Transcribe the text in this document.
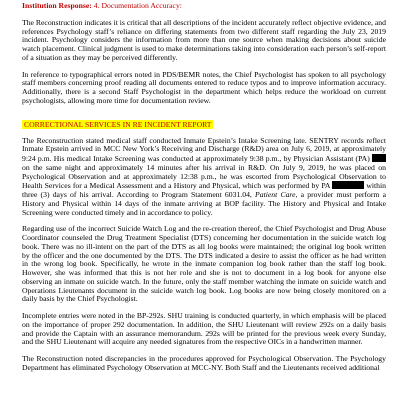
Institution Response: 4. Documentation Accuracy:

The Reconstruction indicates it is critical that all descriptions of the incident accurately reflect objective evidence, and references Psychology staff’s reliance on differing statements from two different staff regarding the July 23, 2019 incident. Psychology considers the information from more than one source when making decisions about suicide watch placement. Clinical judgment is used to make determinations taking into consideration each person’s self-report of a situation as they may be perceived differently.

In reference to typographical errors noted in PDS/BEMR notes, the Chief Psychologist has spoken to all psychology staff members concerning proof reading all documents entered to reduce typos and to improve information accuracy. Additionally, there is a second Staff Psychologist in the department which helps reduce the workload on current psychologists, allowing more time for documentation review.

CORRECTIONAL SERVICES IN RE INCIDENT REPORT

The Reconstruction stated medical staff conducted Inmate Epstein’s Intake Screening late. SENTRY records reflect Inmate Epstein arrived in MCC New York’s Receiving and Discharge (R&D) area on July 6, 2019, at approximately 9:24 p.m. His medical Intake Screening was conducted at approximately 9:38 p.m., by Physician Assistant (PA)  on the same night and approximately 14 minutes after his arrival in R&D. On July 9, 2019, he was placed on Psychological Observation and at approximately 12:38 p.m., he was escorted from Psychological Observation to Health Services for a Medical Assessment and a History and Physical, which was performed by PA	within three (3) days of his arrival. According to Program Statement 6031.04, Patient Care, a provider must perform a History and Physical within 14 days of the inmate arriving at BOP facility. The History and Physical and Intake Screening were conducted timely and in accordance to policy.

Regarding use of the incorrect Suicide Watch Log and the re-creation thereof, the Chief Psychologist and Drug Abuse Coordinator counseled the Drug Treatment Specialist (DTS) concerning her documentation in the suicide watch log book. There was no ill-intent on the part of the DTS as all log books were maintained; the original log book written by the officer and the one documented by the DTS. The DTS indicated a desire to assist the officer as he had written in the wrong log book. Specifically, he wrote in the inmate companion log book rather than the staff log book. However, she was informed that this is not her role and she is not to document in a log book for anyone else observing an inmate on suicide watch. In the future, only the staff member watching the inmate on suicide watch and Operations Lieutenants document in the suicide watch log book. Log books are now being closely monitored on a daily basis by the Chief Psychologist.

Incomplete entries were noted in the BP-292s. SHU training is conducted quarterly, in which emphasis will be placed on the importance of proper 292 documentation. In addition, the SHU Lieutenant will review 292s on a daily basis and provide the Captain with an assurance memorandum. 292s will be printed for the previous week every Sunday, and the SHU Lieutenant will acquire any needed signatures from the respective OICs in a handwritten manner.

The Reconstruction noted discrepancies in the procedures approved for Psychological Observation. The Psychology Department has eliminated Psychology Observation at MCC-NY. Both Staff and the Lieutenants received additional
